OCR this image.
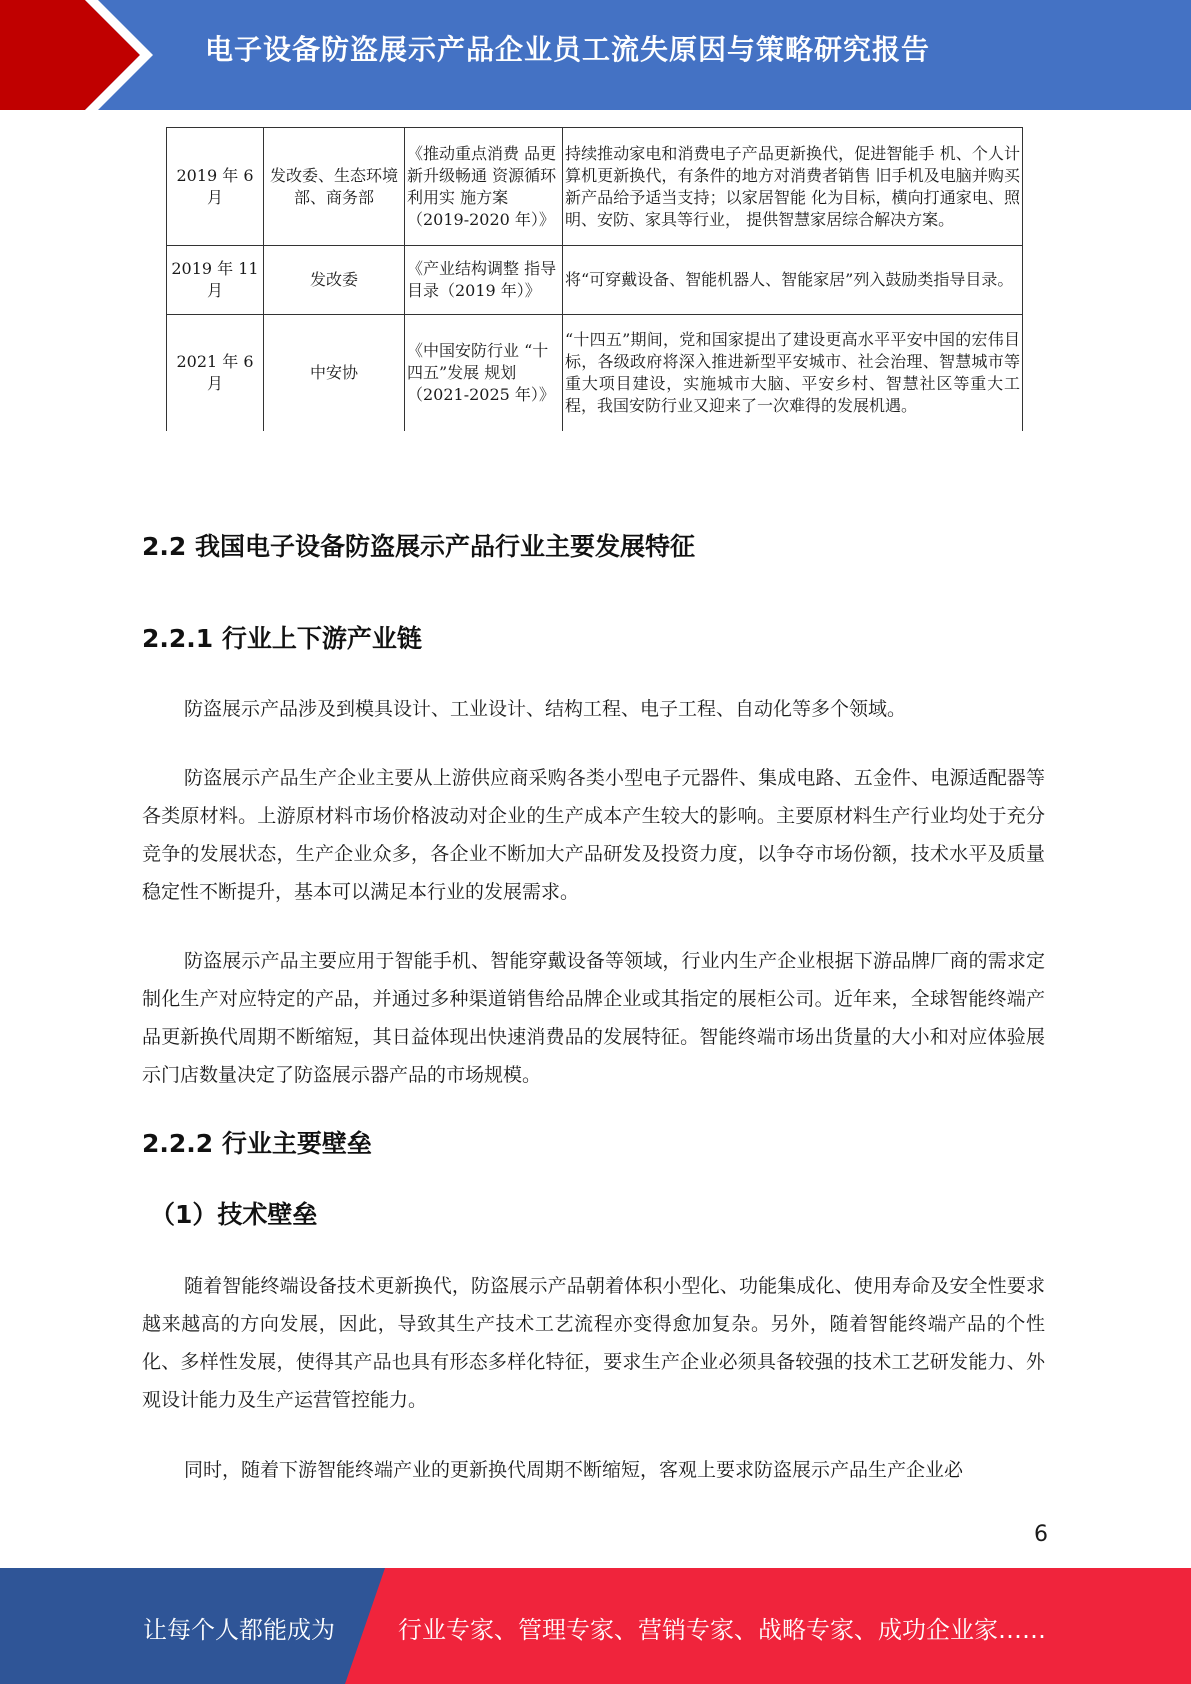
电子设备防盗展示产品企业员工流失原因与策略研究报告
2019 年 6 月	发改委、生态环境部、商务部	《推动重点消费 品更新升级畅通 资源循环利用实 施方案（2019-2020 年）》	持续推动家电和消费电子产品更新换代，促进智能手 机、个人计算机更新换代，有条件的地方对消费者销售 旧手机及电脑并购买新产品给予适当支持；以家居智能 化为目标，横向打通家电、照明、安防、家具等行业， 提供智慧家居综合解决方案。
2019 年 11 月	发改委	《产业结构调整 指导目录（2019 年）》	将“可穿戴设备、智能机器人、智能家居”列入鼓励类指导目录。
2021 年 6 月	中安协	《中国安防行业 “十四五”发展 规划（2021-2025 年）》	“十四五”期间，党和国家提出了建设更高水平平安中国的宏伟目标，各级政府将深入推进新型平安城市、社会治理、智慧城市等重大项目建设，实施城市大脑、平安乡村、智慧社区等重大工程，我国安防行业又迎来了一次难得的发展机遇。
2.2 我国电子设备防盗展示产品行业主要发展特征
2.2.1 行业上下游产业链

防盗展示产品涉及到模具设计、工业设计、结构工程、电子工程、自动化等多个领域。

防盗展示产品生产企业主要从上游供应商采购各类小型电子元器件、集成电路、五金件、电源适配器等各类原材料。上游原材料市场价格波动对企业的生产成本产生较大的影响。主要原材料生产行业均处于充分竞争的发展状态，生产企业众多，各企业不断加大产品研发及投资力度，以争夺市场份额，技术水平及质量稳定性不断提升，基本可以满足本行业的发展需求。

防盗展示产品主要应用于智能手机、智能穿戴设备等领域，行业内生产企业根据下游品牌厂商的需求定制化生产对应特定的产品，并通过多种渠道销售给品牌企业或其指定的展柜公司。近年来，全球智能终端产品更新换代周期不断缩短，其日益体现出快速消费品的发展特征。智能终端市场出货量的大小和对应体验展示门店数量决定了防盗展示器产品的市场规模。

2.2.2 行业主要壁垒
（1）技术壁垒

随着智能终端设备技术更新换代，防盗展示产品朝着体积小型化、功能集成化、使用寿命及安全性要求越来越高的方向发展，因此，导致其生产技术工艺流程亦变得愈加复杂。另外，随着智能终端产品的个性化、多样性发展，使得其产品也具有形态多样化特征，要求生产企业必须具备较强的技术工艺研发能力、外观设计能力及生产运营管控能力。

同时，随着下游智能终端产业的更新换代周期不断缩短，客观上要求防盗展示产品生产企业必

6
让每个人都能成为	行业专家、管理专家、营销专家、战略专家、成功企业家……
